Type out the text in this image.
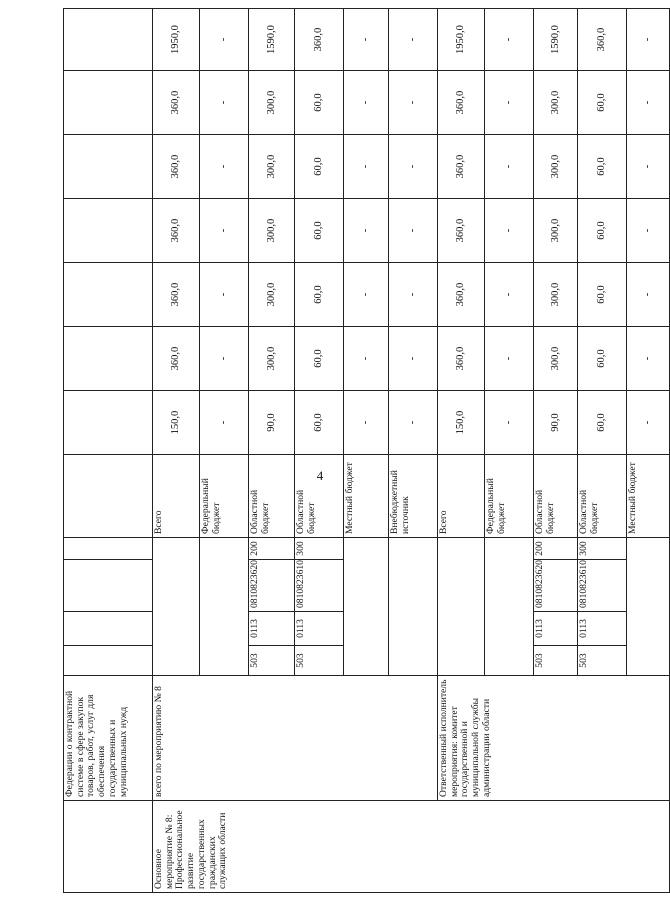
4
	Федерации о контрактной системе в сфере закупок товаров, работ, услуг для обеспечения государственных и муниципальных нужд												
Основное мероприятие № 8: Профессиональное развитие государственных гражданских служащих области	всего по мероприятию № 8					Всего	150,0	360,0	360,0	360,0	360,0	360,0	1950,0
						Федеральный бюджет	-	-	-	-	-	-	-
		503	0113	0810823620	200	Областной бюджет	90,0	300,0	300,0	300,0	300,0	300,0	1590,0
		503	0113	0810823610	300	Областной бюджет	60,0	60,0	60,0	60,0	60,0	60,0	360,0
						Местный бюджет	-	-	-	-	-	-	-
						Внебюджетный источник	-	-	-	-	-	-	-
	Ответственный исполнитель мероприятия: комитет государственной и муниципальной службы администрации области					Всего	150,0	360,0	360,0	360,0	360,0	360,0	1950,0
						Федеральный бюджет	-	-	-	-	-	-	-
		503	0113	0810823620	200	Областной бюджет	90,0	300,0	300,0	300,0	300,0	300,0	1590,0
		503	0113	0810823610	300	Областной бюджет	60,0	60,0	60,0	60,0	60,0	60,0	360,0
						Местный бюджет	-	-	-	-	-	-	-
